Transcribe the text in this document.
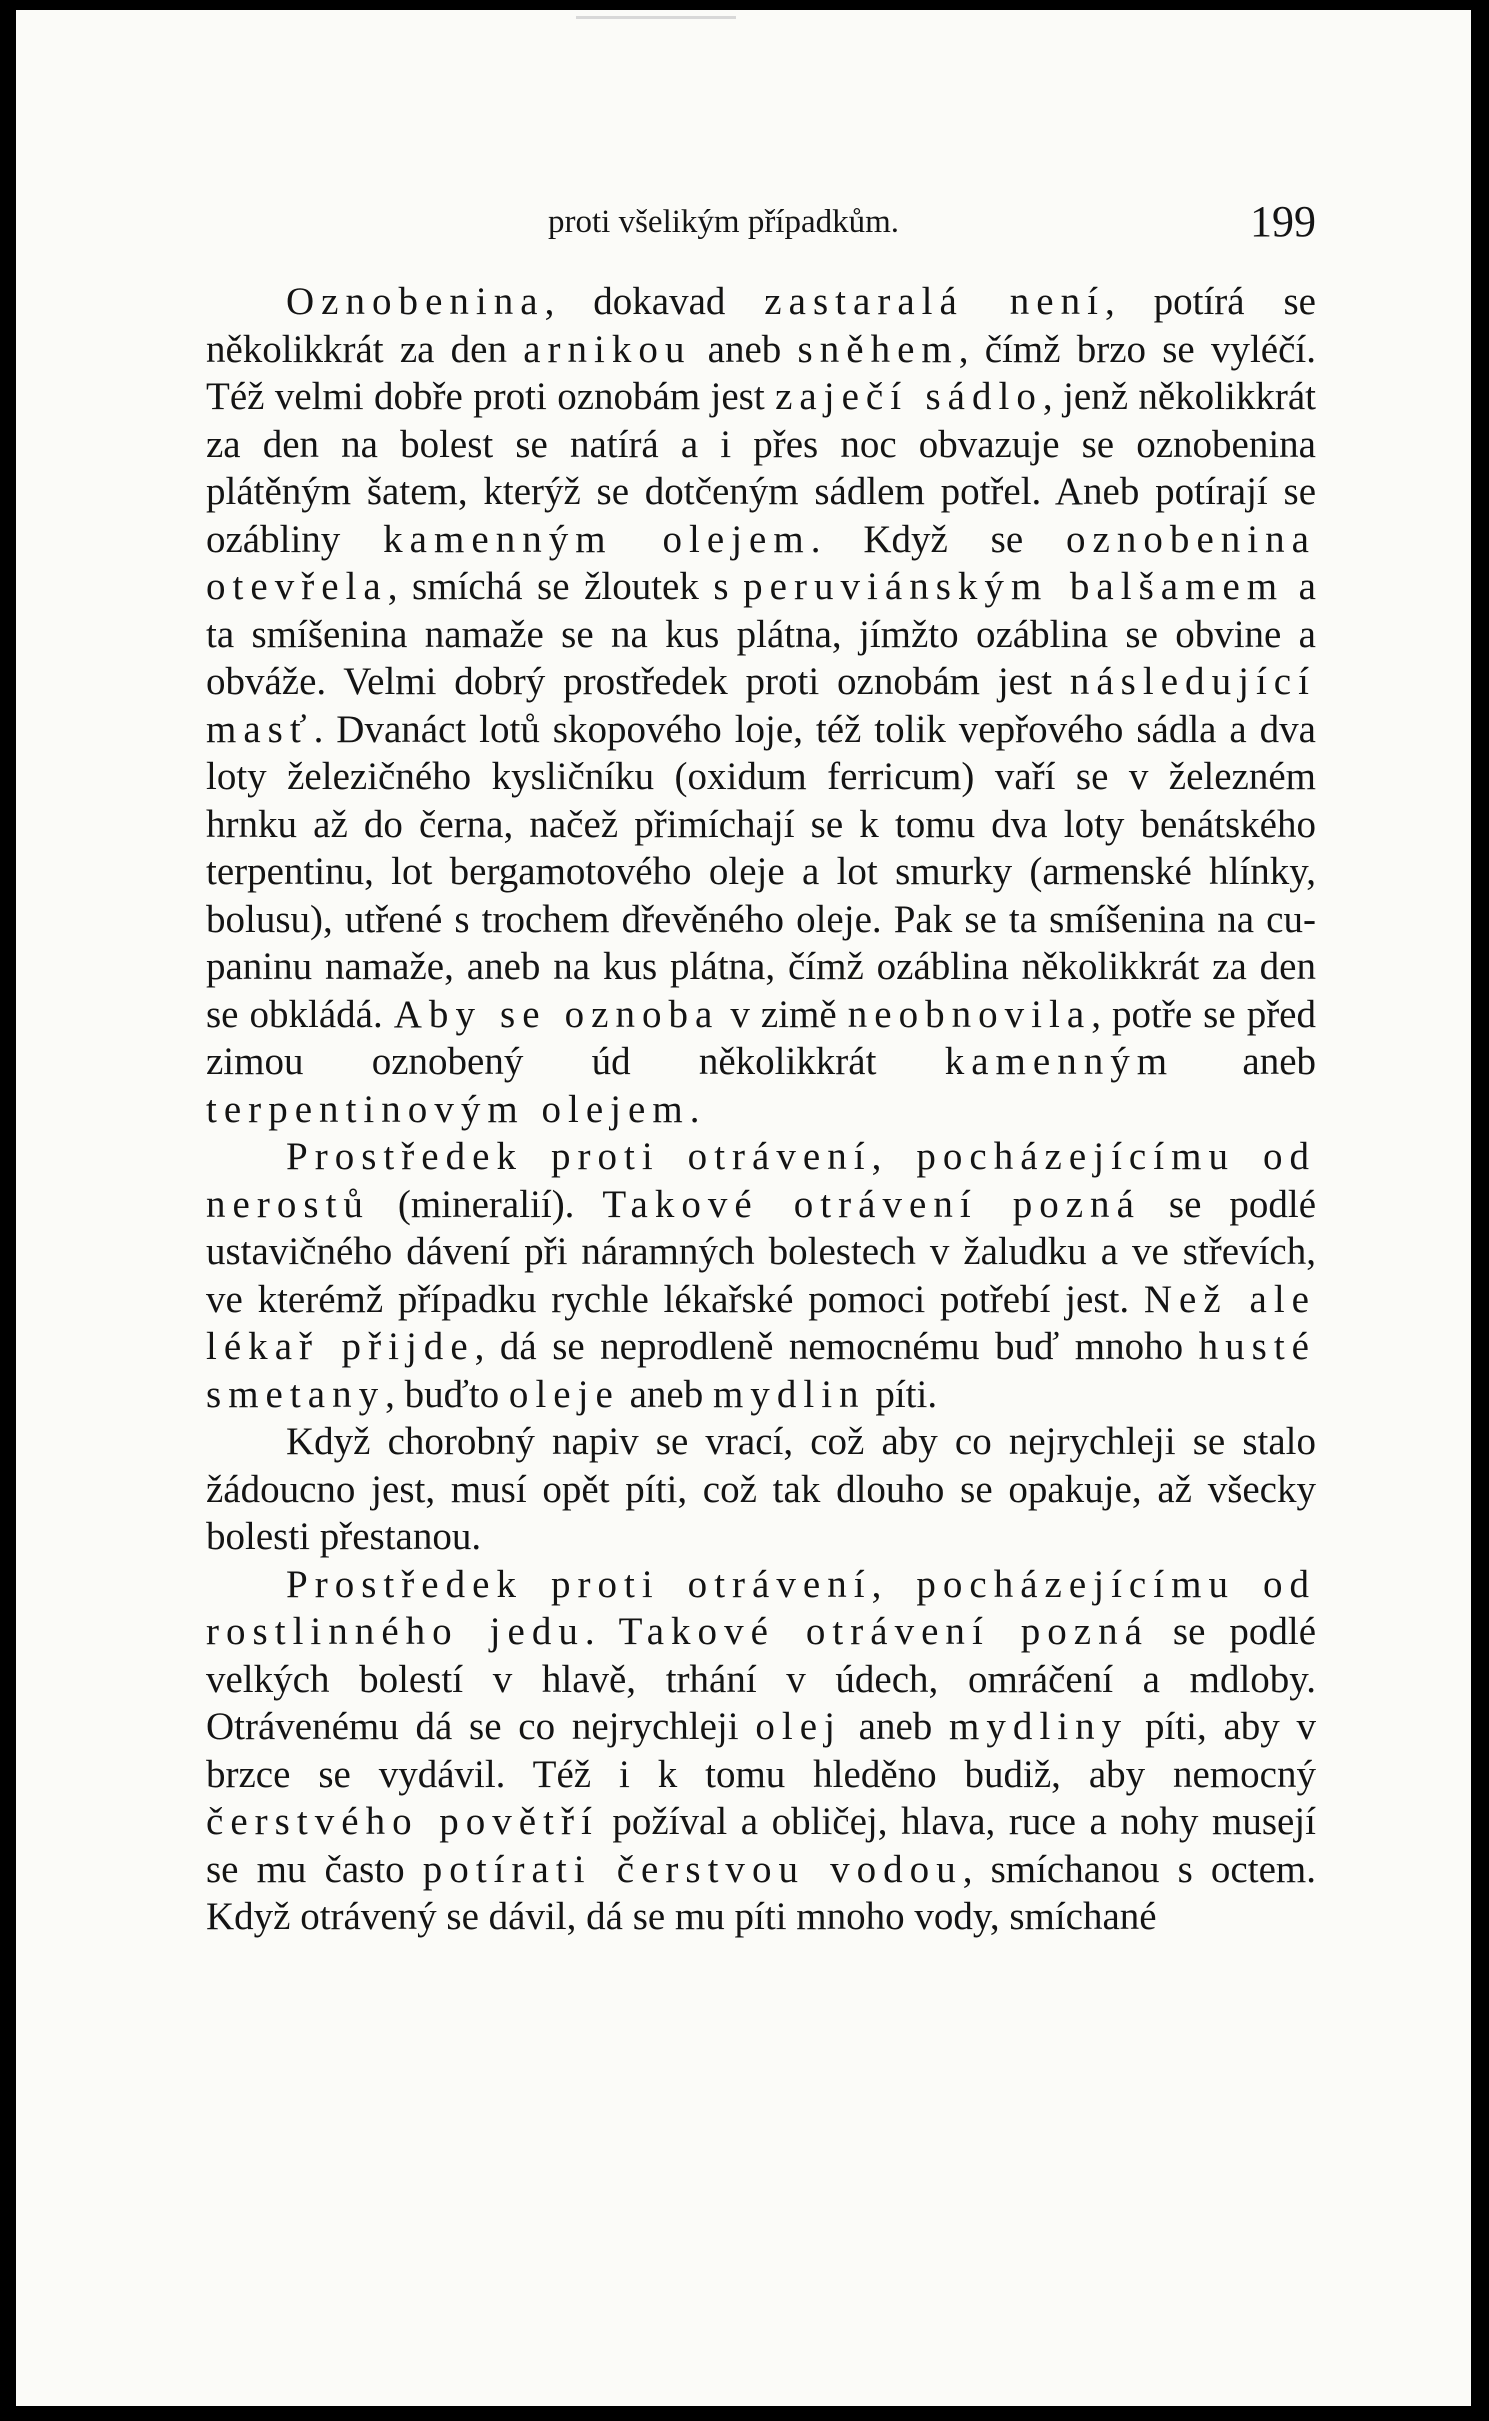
proti všelikým případkům.	199

Oznobenina, dokavad zastaralá není, potírá se několikkrát za den arnikou aneb sněhem, čímž brzo se vyléčí. Též velmi dobře proti oznobám jest zaječí sádlo, jenž několikkrát za den na bolest se natírá a i přes noc obvazuje se oznobenina plátěným šatem, kterýž se dotčeným sádlem potřel. Aneb potírají se ozábliny kamenným olejem. Když se oznobenina otevřela, smíchá se žloutek s peruviánským balšamem a ta smíšenina namaže se na kus plátna, jímžto ozáblina se obvine a obváže. Velmi dobrý prostředek proti oznobám jest následující masť. Dvanáct lotů skopového loje, též tolik vepřového sádla a dva loty železičného kysličníku (oxidum ferricum) vaří se v železném hrnku až do černa, načež přimíchají se k tomu dva loty benátského terpentinu, lot bergamotového oleje a lot smurky (armenské hlínky, bolusu), utřené s trochem dřevěného oleje. Pak se ta smíšenina na cupaninu namaže, aneb na kus plátna, čímž ozáblina několikkrát za den se obkládá. Aby se oznoba v zimě neobnovila, potře se před zimou oznobený úd několikkrát kamenným aneb terpentinovým olejem.

Prostředek proti otrávení, pocházejícímu od nerostů (mineralií). Takové otrávení pozná se podlé ustavičného dávení při náramných bolestech v žaludku a ve střevích, ve kterémž případku rychle lékařské pomoci potřebí jest. Než ale lékař přijde, dá se neprodleně nemocnému buď mnoho husté smetany, buďto oleje aneb mydlin píti.

Když chorobný napiv se vrací, což aby co nejrychleji se stalo žádoucno jest, musí opět píti, což tak dlouho se opakuje, až všecky bolesti přestanou.

Prostředek proti otrávení, pocházejícímu od rostlinného jedu. Takové otrávení pozná se podlé velkých bolestí v hlavě, trhání v údech, omráčení a mdloby. Otrávenému dá se co nejrychleji olej aneb mydliny píti, aby v brzce se vydávil. Též i k tomu hleděno budiž, aby nemocný čerstvého povětří požíval a obličej, hlava, ruce a nohy musejí se mu často potírati čerstvou vodou, smíchanou s octem. Když otrávený se dávil, dá se mu píti mnoho vody, smíchané
